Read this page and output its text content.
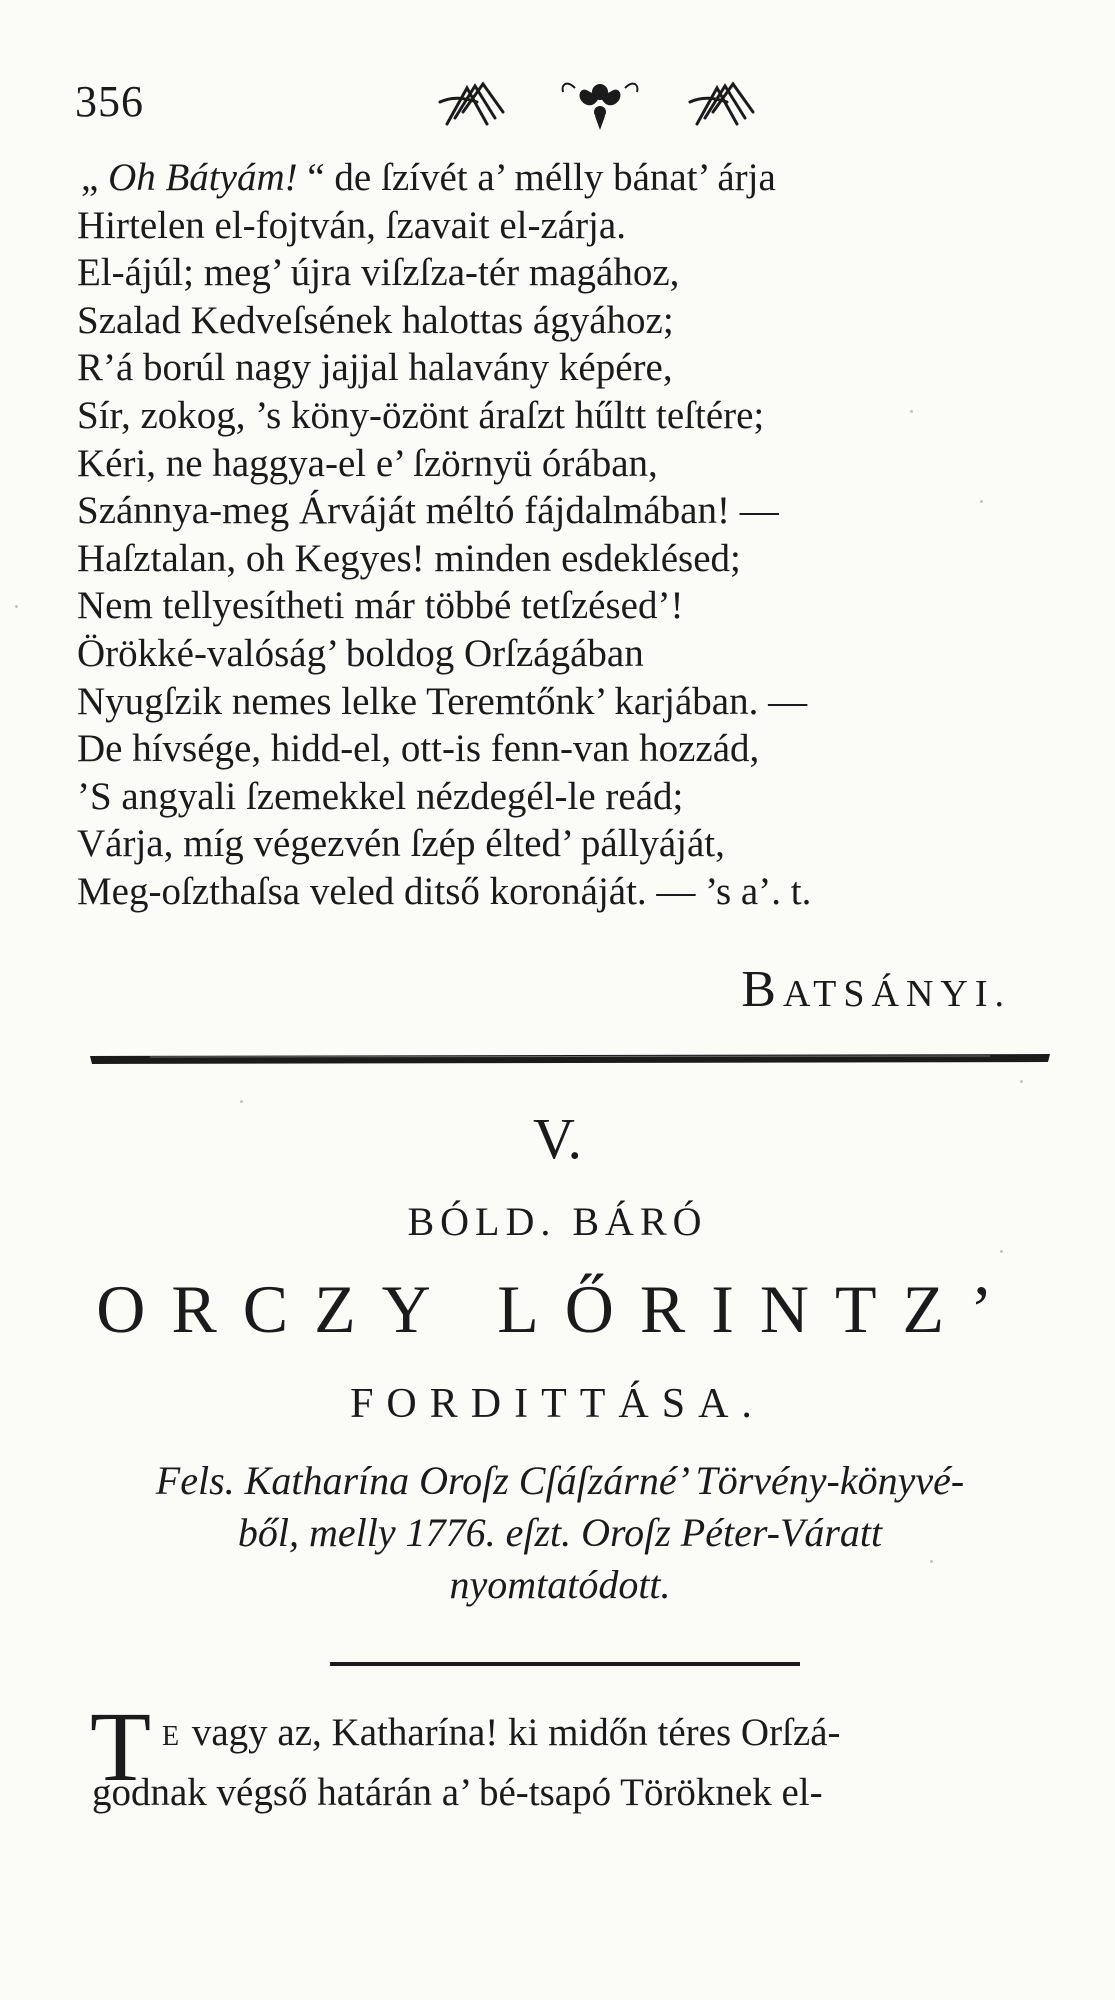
356
„ Oh Bátyám! “ de ſzívét a’ mélly bánat’ árja
Hirtelen el-fojtván, ſzavait el-zárja.
El-ájúl; meg’ újra viſzſza-tér magához,
Szalad Kedveſsének halottas ágyához;
R’á borúl nagy jajjal halavány képére,
Sír, zokog, ’s köny-özönt áraſzt hűltt teſtére;
Kéri, ne haggya-el e’ ſzörnyü órában,
Szánnya-meg Árváját méltó fájdalmában! —
Haſztalan, oh Kegyes! minden esdeklésed;
Nem tellyesítheti már többé tetſzésed’!
Örökké-valóság’ boldog Orſzágában
Nyugſzik nemes lelke Teremtőnk’ karjában. —
De hívsége, hidd-el, ott-is fenn-van hozzád,
’S angyali ſzemekkel nézdegél-le reád;
Várja, míg végezvén ſzép élted’ pállyáját,
Meg-oſzthaſsa veled ditső koronáját. — ’s a’. t.
BATSÁNYI.
V.
BÓLD. BÁRÓ
ORCZY LŐRINTZ’
FORDITTÁSA.
Fels. Katharína Oroſz Cſáſzárné’ Törvény-könyvé-
ből, melly 1776. eſzt. Oroſz Péter-Váratt
nyomtatódott.
T E vagy az, Katharína! ki midőn téres Orſzá-
godnak végső határán a’ bé-tsapó Töröknek el-
